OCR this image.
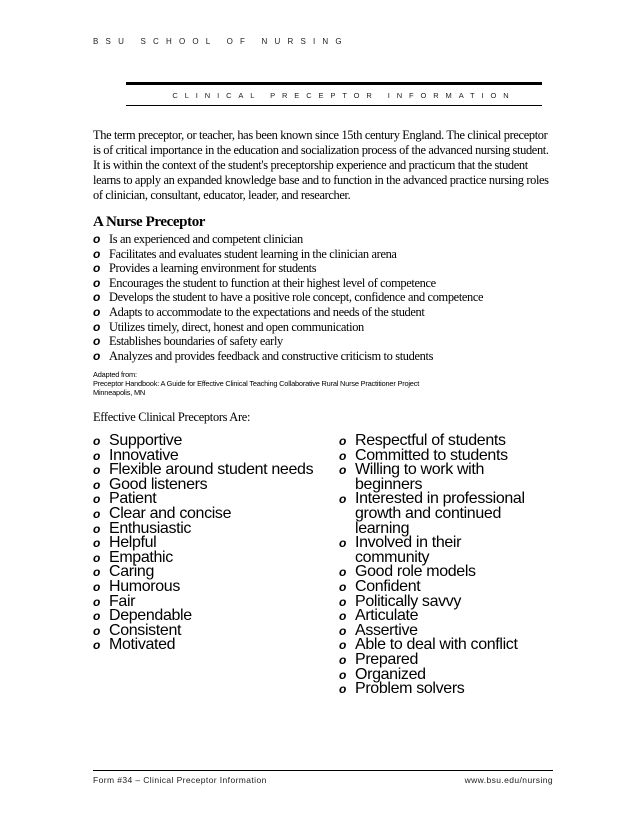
BSU SCHOOL OF NURSING
CLINICAL PRECEPTOR INFORMATION

The term preceptor, or teacher, has been known since 15th century England. The clinical preceptor is of critical importance in the education and socialization process of the advanced nursing student. It is within the context of the student's preceptorship experience and practicum that the student learns to apply an expanded knowledge base and to function in the advanced practice nursing roles of clinician, consultant, educator, leader, and researcher.

A Nurse Preceptor
o Is an experienced and competent clinician
o Facilitates and evaluates student learning in the clinician arena
o Provides a learning environment for students
o Encourages the student to function at their highest level of competence
o Develops the student to have a positive role concept, confidence and competence
o Adapts to accommodate to the expectations and needs of the student
o Utilizes timely, direct, honest and open communication
o Establishes boundaries of safety early
o Analyzes and provides feedback and constructive criticism to students
Adapted from:
Preceptor Handbook: A Guide for Effective Clinical Teaching Collaborative Rural Nurse Practitioner Project
Minneapolis, MN
Effective Clinical Preceptors Are:
o Supportive
o Innovative
o Flexible around student needs
o Good listeners
o Patient
o Clear and concise
o Enthusiastic
o Helpful
o Empathic
o Caring
o Humorous
o Fair
o Dependable
o Consistent
o Motivated
o Respectful of students
o Committed to students
o Willing to work with beginners
o Interested in professional growth and continued learning
o Involved in their community
o Good role models
o Confident
o Politically savvy
o Articulate
o Assertive
o Able to deal with conflict
o Prepared
o Organized
o Problem solvers
Form #34 – Clinical Preceptor Information	www.bsu.edu/nursing
